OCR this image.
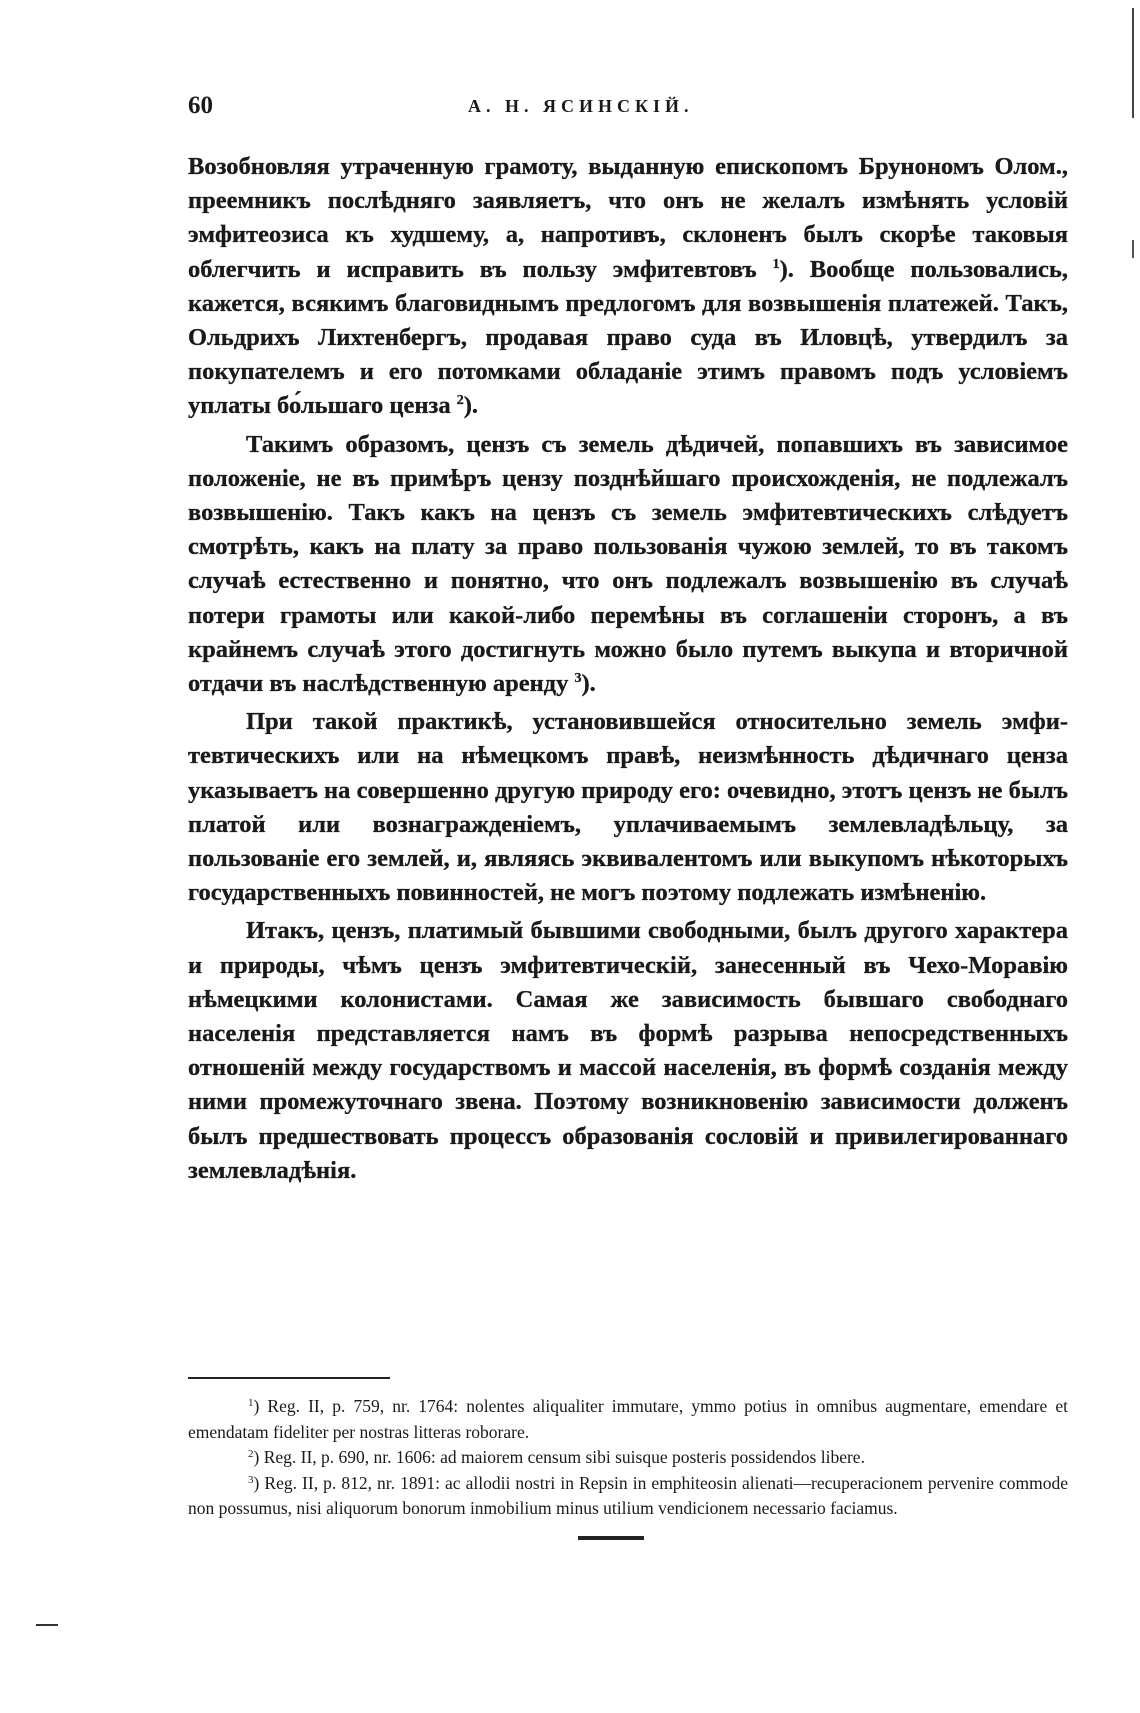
60	А. Н. ЯСИНСКІЙ.

Возобновляя утраченную грамоту, выданную епископомъ Брунономъ Олом., преемникъ послѣдняго заявляетъ, что онъ не желалъ измѣнять условій эмфитеозиса къ худшему, а, напротивъ, склоненъ былъ скорѣе таковыя облегчить и исправить въ пользу эмфитевтовъ $^1$). Вообще пользовались, кажется, всякимъ благовиднымъ предлогомъ для возвышенія платежей. Такъ, Ольдрихъ Лихтенбергъ, продавая право суда въ Иловцѣ, утвердилъ за покупателемъ и его потомками обладаніе этимъ правомъ подъ условіемъ уплаты бо́льшаго ценза $^2$).

Такимъ образомъ, цензъ съ земель дѣдичей, попавшихъ въ зависимое положеніе, не въ примѣръ цензу позднѣйшаго происхожденія, не подлежалъ возвышенію. Такъ какъ на цензъ съ земель эмфитевтическихъ слѣдуетъ смотрѣть, какъ на плату за право пользованія чужою землей, то въ такомъ случаѣ естественно и понятно, что онъ подлежалъ возвышенію въ случаѣ потери грамоты или какой-либо перемѣны въ соглашеніи сторонъ, а въ крайнемъ случаѣ этого достигнуть можно было путемъ выкупа и вторичной отдачи въ наслѣдственную аренду $^3$).

При такой практикѣ, установившейся относительно земель эмфитевтическихъ или на нѣмецкомъ правѣ, неизмѣнность дѣдичнаго ценза указываетъ на совершенно другую природу его: очевидно, этотъ цензъ не былъ платой или вознагражденіемъ, уплачиваемымъ землевладѣльцу, за пользованіе его землей, и, являясь эквивалентомъ или выкупомъ нѣкоторыхъ государственныхъ повинностей, не могъ поэтому подлежать измѣненію.

Итакъ, цензъ, платимый бывшими свободными, былъ другого характера и природы, чѣмъ цензъ эмфитевтическій, занесенный въ Чехо-Моравію нѣмецкими колонистами. Самая же зависимость бывшаго свободнаго населенія представляется намъ въ формѣ разрыва непосредственныхъ отношеній между государствомъ и массой населенія, въ формѣ созданія между ними промежуточнаго звена. Поэтому возникновенію зависимости долженъ былъ предшествовать процессъ образованія сословій и привилегированнаго землевладѣнія.

$^1$) Reg. II, p. 759, nr. 1764: nolentes aliqualiter immutare, ymmo potius in omnibus augmentare, emendare et emendatam fideliter per nostras litteras roborare.

$^2$) Reg. II, p. 690, nr. 1606: ad maiorem censum sibi suisque posteris possidendos libere.

$^3$) Reg. II, p. 812, nr. 1891: ac allodii nostri in Repsin in emphiteosin alienati—recuperacionem pervenire commode non possumus, nisi aliquorum bonorum inmobilium minus utilium vendicionem necessario faciamus.
